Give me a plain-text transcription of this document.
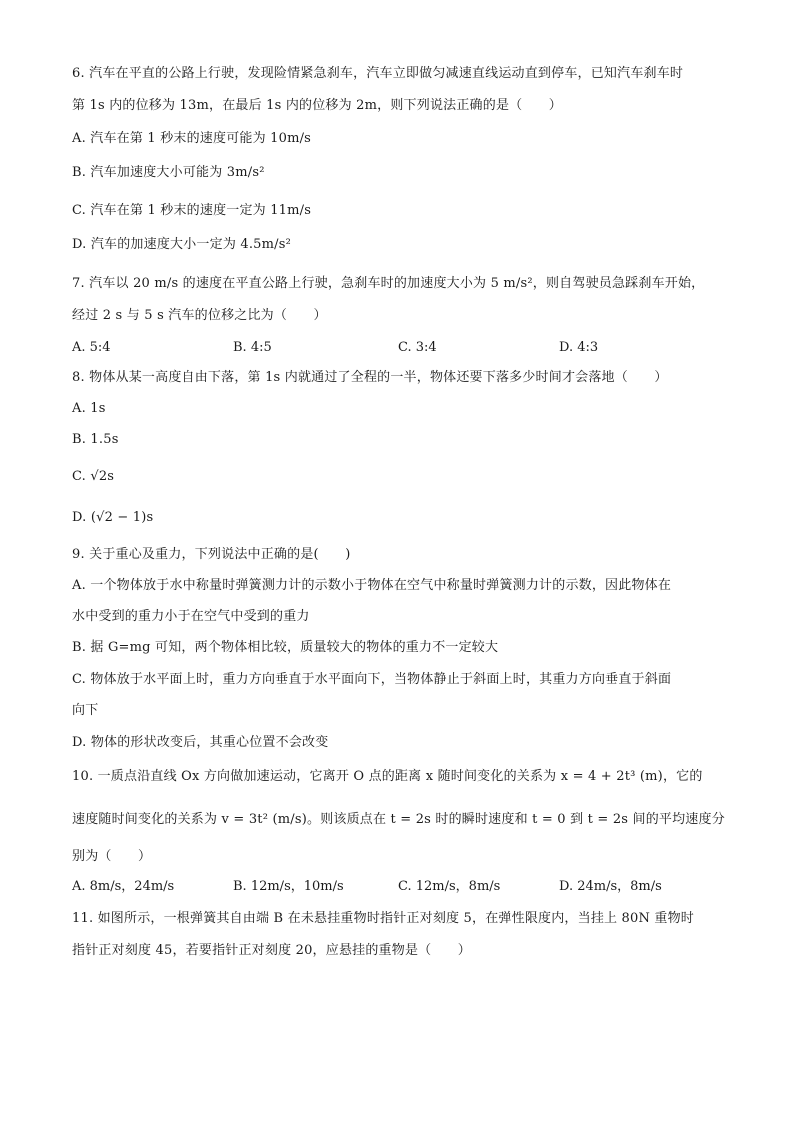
6. 汽车在平直的公路上行驶，发现险情紧急刹车，汽车立即做匀减速直线运动直到停车，已知汽车刹车时
第 1s 内的位移为 13m，在最后 1s 内的位移为 2m，则下列说法正确的是（　　）
A. 汽车在第 1 秒末的速度可能为 10m/s
B. 汽车加速度大小可能为 3m/s²
C. 汽车在第 1 秒末的速度一定为 11m/s
D. 汽车的加速度大小一定为 4.5m/s²
7. 汽车以 20 m/s 的速度在平直公路上行驶，急刹车时的加速度大小为 5 m/s²，则自驾驶员急踩刹车开始，
经过 2 s 与 5 s 汽车的位移之比为（　　）
A. 5:4	B. 4:5	C. 3:4	D. 4:3
8. 物体从某一高度自由下落，第 1s 内就通过了全程的一半，物体还要下落多少时间才会落地（　　）
A. 1s
B. 1.5s
C. √2s
D. (√2 − 1)s
9. 关于重心及重力，下列说法中正确的是(　　)
A. 一个物体放于水中称量时弹簧测力计的示数小于物体在空气中称量时弹簧测力计的示数，因此物体在
水中受到的重力小于在空气中受到的重力
B. 据 G=mg 可知，两个物体相比较，质量较大的物体的重力不一定较大
C. 物体放于水平面上时，重力方向垂直于水平面向下，当物体静止于斜面上时，其重力方向垂直于斜面
向下
D. 物体的形状改变后，其重心位置不会改变
10. 一质点沿直线 Ox 方向做加速运动，它离开 O 点的距离 x 随时间变化的关系为 x = 4 + 2t³ (m)，它的
速度随时间变化的关系为 v = 3t² (m/s)。则该质点在 t = 2s 时的瞬时速度和 t = 0 到 t = 2s 间的平均速度分
别为（　　）
A. 8m/s，24m/s	B. 12m/s，10m/s	C. 12m/s，8m/s	D. 24m/s，8m/s
11. 如图所示，一根弹簧其自由端 B 在未悬挂重物时指针正对刻度 5，在弹性限度内，当挂上 80N 重物时
指针正对刻度 45，若要指针正对刻度 20，应悬挂的重物是（　　）
